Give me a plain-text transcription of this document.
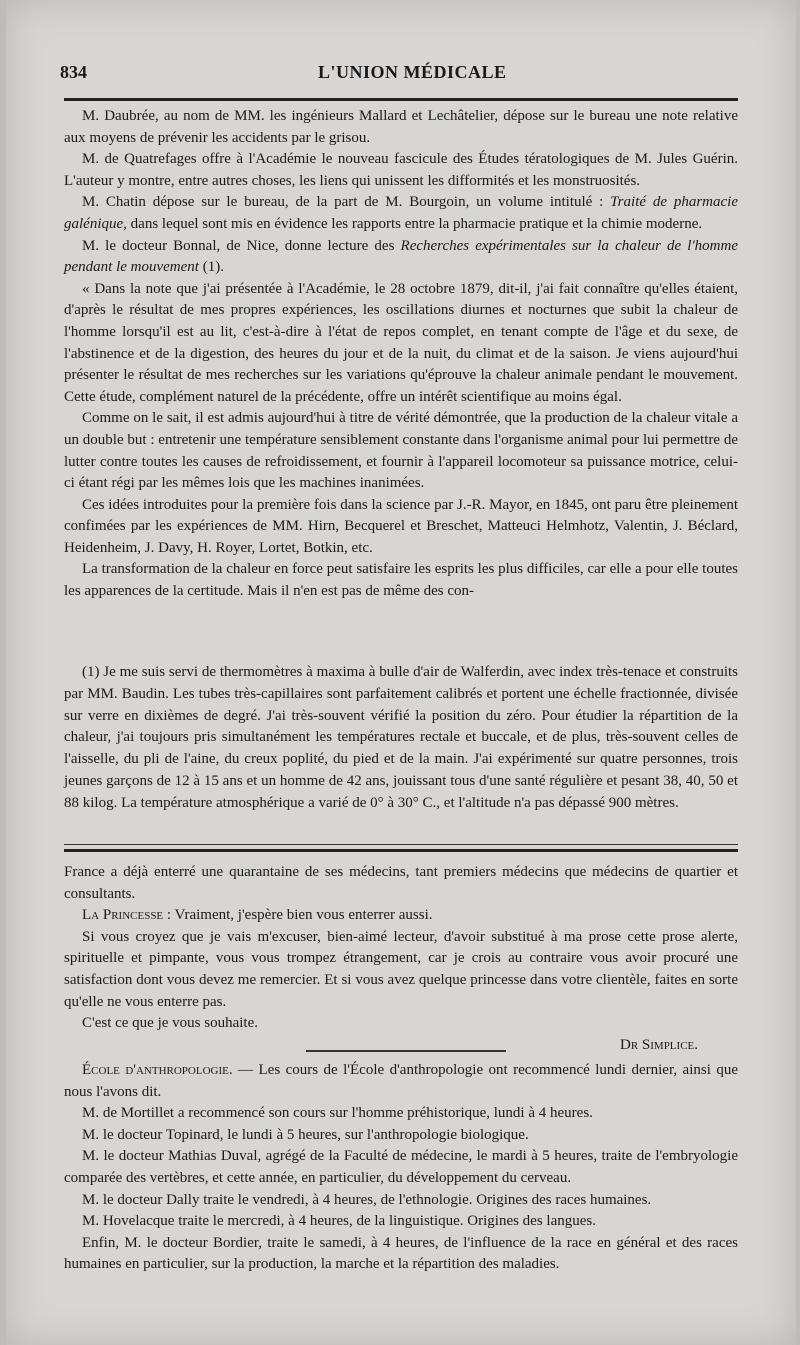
834	L'UNION MÉDICALE

M. Daubrée, au nom de MM. les ingénieurs Mallard et Lechâtelier, dépose sur le bureau une note relative aux moyens de prévenir les accidents par le grisou.

M. de Quatrefages offre à l'Académie le nouveau fascicule des Études tératologiques de M. Jules Guérin. L'auteur y montre, entre autres choses, les liens qui unissent les difformités et les monstruosités.

M. Chatin dépose sur le bureau, de la part de M. Bourgoin, un volume intitulé : Traité de pharmacie galénique, dans lequel sont mis en évidence les rapports entre la pharmacie pratique et la chimie moderne.

M. le docteur Bonnal, de Nice, donne lecture des Recherches expérimentales sur la chaleur de l'homme pendant le mouvement (1).

« Dans la note que j'ai présentée à l'Académie, le 28 octobre 1879, dit-il, j'ai fait connaître qu'elles étaient, d'après le résultat de mes propres expériences, les oscillations diurnes et nocturnes que subit la chaleur de l'homme lorsqu'il est au lit, c'est-à-dire à l'état de repos complet, en tenant compte de l'âge et du sexe, de l'abstinence et de la digestion, des heures du jour et de la nuit, du climat et de la saison. Je viens aujourd'hui présenter le résultat de mes recherches sur les variations qu'éprouve la chaleur animale pendant le mouvement. Cette étude, complément naturel de la précédente, offre un intérêt scientifique au moins égal.

Comme on le sait, il est admis aujourd'hui à titre de vérité démontrée, que la production de la chaleur vitale a un double but : entretenir une température sensiblement constante dans l'organisme animal pour lui permettre de lutter contre toutes les causes de refroidissement, et fournir à l'appareil locomoteur sa puissance motrice, celui-ci étant régi par les mêmes lois que les machines inanimées.

Ces idées introduites pour la première fois dans la science par J.-R. Mayor, en 1845, ont paru être pleinement confimées par les expériences de MM. Hirn, Becquerel et Breschet, Matteuci Helmhotz, Valentin, J. Béclard, Heidenheim, J. Davy, H. Royer, Lortet, Botkin, etc.

La transformation de la chaleur en force peut satisfaire les esprits les plus difficiles, car elle a pour elle toutes les apparences de la certitude. Mais il n'en est pas de même des con-

(1) Je me suis servi de thermomètres à maxima à bulle d'air de Walferdin, avec index très-tenace et construits par MM. Baudin. Les tubes très-capillaires sont parfaitement calibrés et portent une échelle fractionnée, divisée sur verre en dixièmes de degré. J'ai très-souvent vérifié la position du zéro. Pour étudier la répartition de la chaleur, j'ai toujours pris simultanément les températures rectale et buccale, et de plus, très-souvent celles de l'aisselle, du pli de l'aine, du creux poplité, du pied et de la main. J'ai expérimenté sur quatre personnes, trois jeunes garçons de 12 à 15 ans et un homme de 42 ans, jouissant tous d'une santé régulière et pesant 38, 40, 50 et 88 kilog. La température atmosphérique a varié de 0° à 30° C., et l'altitude n'a pas dépassé 900 mètres.

France a déjà enterré une quarantaine de ses médecins, tant premiers médecins que médecins de quartier et consultants.

La Princesse : Vraiment, j'espère bien vous enterrer aussi.

Si vous croyez que je vais m'excuser, bien-aimé lecteur, d'avoir substitué à ma prose cette prose alerte, spirituelle et pimpante, vous vous trompez étrangement, car je crois au contraire vous avoir procuré une satisfaction dont vous devez me remercier. Et si vous avez quelque princesse dans votre clientèle, faites en sorte qu'elle ne vous enterre pas.

C'est ce que je vous souhaite.

Dr Simplice.

École d'anthropologie. — Les cours de l'École d'anthropologie ont recommencé lundi dernier, ainsi que nous l'avons dit.

M. de Mortillet a recommencé son cours sur l'homme préhistorique, lundi à 4 heures.

M. le docteur Topinard, le lundi à 5 heures, sur l'anthropologie biologique.

M. le docteur Mathias Duval, agrégé de la Faculté de médecine, le mardi à 5 heures, traite de l'embryologie comparée des vertèbres, et cette année, en particulier, du développement du cerveau.

M. le docteur Dally traite le vendredi, à 4 heures, de l'ethnologie. Origines des races humaines.

M. Hovelacque traite le mercredi, à 4 heures, de la linguistique. Origines des langues.

Enfin, M. le docteur Bordier, traite le samedi, à 4 heures, de l'influence de la race en général et des races humaines en particulier, sur la production, la marche et la répartition des maladies.
